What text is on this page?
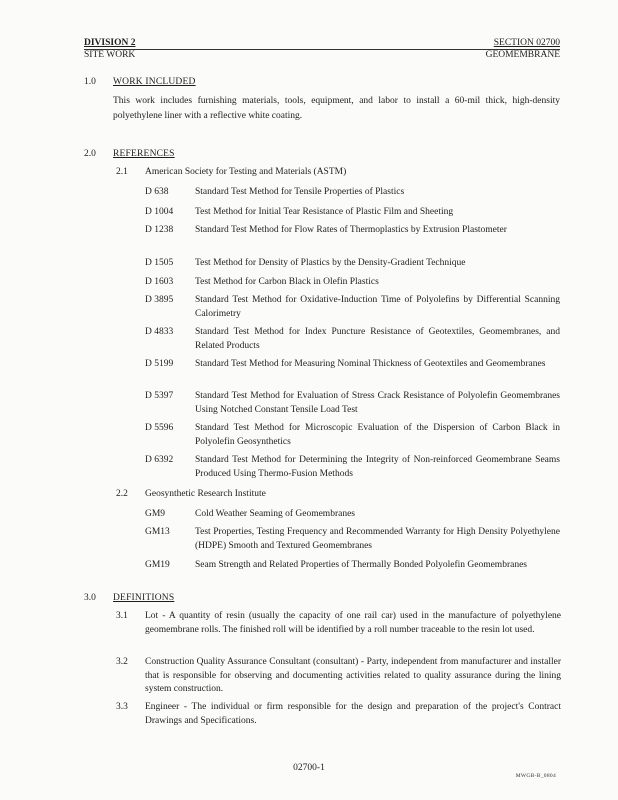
DIVISION 2
SITE WORK
SECTION 02700
GEOMEMBRANE
1.0 WORK INCLUDED
This work includes furnishing materials, tools, equipment, and labor to install a 60-mil thick, high-density polyethylene liner with a reflective white coating.
2.0 REFERENCES
2.1 American Society for Testing and Materials (ASTM)
D 638	Standard Test Method for Tensile Properties of Plastics
D 1004	Test Method for Initial Tear Resistance of Plastic Film and Sheeting
D 1238	Standard Test Method for Flow Rates of Thermoplastics by Extrusion Plastometer
D 1505	Test Method for Density of Plastics by the Density-Gradient Technique
D 1603	Test Method for Carbon Black in Olefin Plastics
D 3895	Standard Test Method for Oxidative-Induction Time of Polyolefins by Differential Scanning Calorimetry
D 4833	Standard Test Method for Index Puncture Resistance of Geotextiles, Geomembranes, and Related Products
D 5199	Standard Test Method for Measuring Nominal Thickness of Geotextiles and Geomembranes
D 5397	Standard Test Method for Evaluation of Stress Crack Resistance of Polyolefin Geomembranes Using Notched Constant Tensile Load Test
D 5596	Standard Test Method for Microscopic Evaluation of the Dispersion of Carbon Black in Polyolefin Geosynthetics
D 6392	Standard Test Method for Determining the Integrity of Non-reinforced Geomembrane Seams Produced Using Thermo-Fusion Methods
2.2 Geosynthetic Research Institute
GM9	Cold Weather Seaming of Geomembranes
GM13	Test Properties, Testing Frequency and Recommended Warranty for High Density Polyethylene (HDPE) Smooth and Textured Geomembranes
GM19	Seam Strength and Related Properties of Thermally Bonded Polyolefin Geomembranes
3.0 DEFINITIONS
3.1 Lot - A quantity of resin (usually the capacity of one rail car) used in the manufacture of polyethylene geomembrane rolls. The finished roll will be identified by a roll number traceable to the resin lot used.
3.2 Construction Quality Assurance Consultant (consultant) - Party, independent from manufacturer and installer that is responsible for observing and documenting activities related to quality assurance during the lining system construction.
3.3 Engineer - The individual or firm responsible for the design and preparation of the project's Contract Drawings and Specifications.
02700-1
MWGB-B_0804
